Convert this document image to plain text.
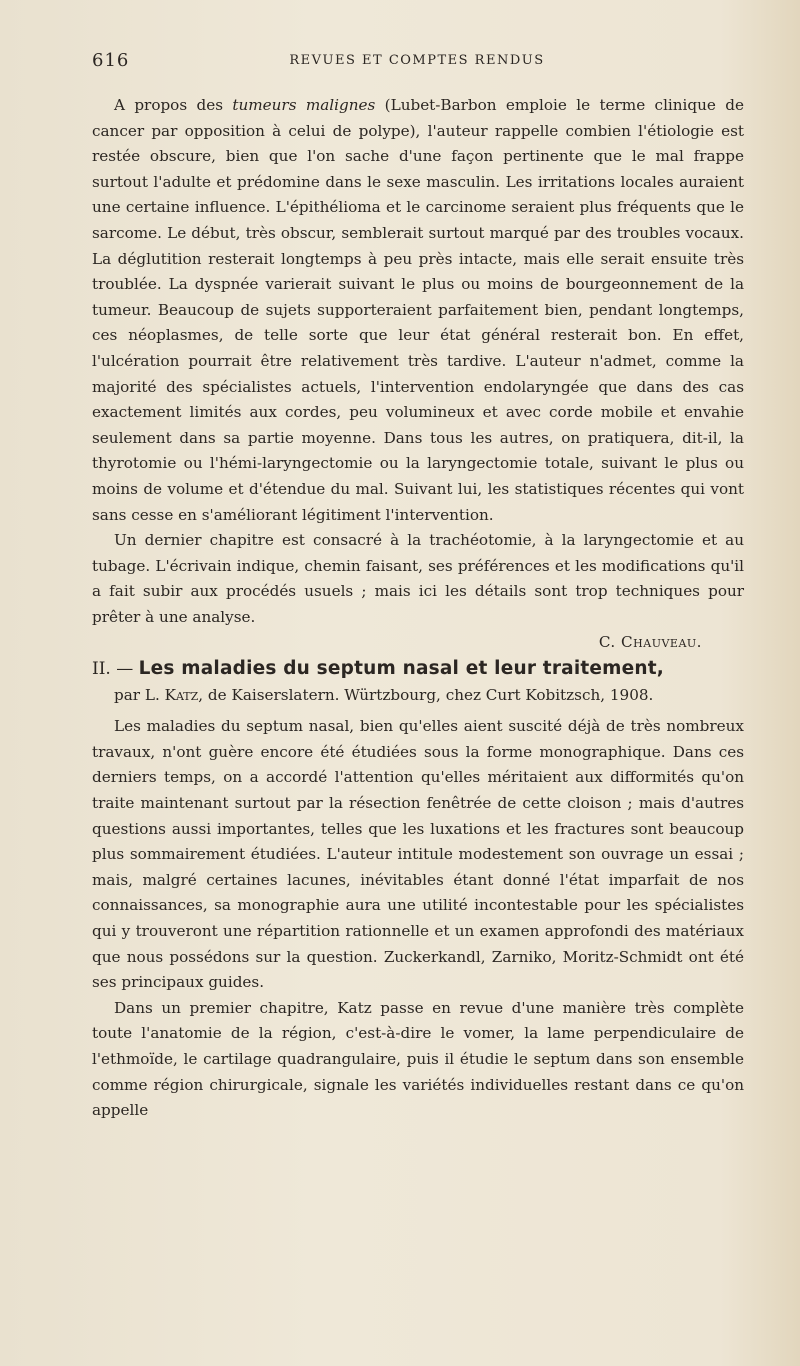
616	REVUES ET COMPTES RENDUS

A propos des tumeurs malignes (Lubet-Barbon emploie le terme clinique de cancer par opposition à celui de polype), l'auteur rappelle combien l'étiologie est restée obscure, bien que l'on sache d'une façon pertinente que le mal frappe surtout l'adulte et prédomine dans le sexe masculin. Les irritations locales auraient une certaine influence. L'épithélioma et le carcinome seraient plus fréquents que le sarcome. Le début, très obscur, semblerait surtout marqué par des troubles vocaux. La déglutition resterait longtemps à peu près intacte, mais elle serait ensuite très troublée. La dyspnée varierait suivant le plus ou moins de bourgeonnement de la tumeur. Beaucoup de sujets supporteraient parfaitement bien, pendant longtemps, ces néoplasmes, de telle sorte que leur état général resterait bon. En effet, l'ulcération pourrait être relativement très tardive. L'auteur n'admet, comme la majorité des spécialistes actuels, l'intervention endolaryngée que dans des cas exactement limités aux cordes, peu volumineux et avec corde mobile et envahie seulement dans sa partie moyenne. Dans tous les autres, on pratiquera, dit-il, la thyrotomie ou l'hémi-laryngectomie ou la laryngectomie totale, suivant le plus ou moins de volume et d'étendue du mal. Suivant lui, les statistiques récentes qui vont sans cesse en s'améliorant légitiment l'intervention.

Un dernier chapitre est consacré à la trachéotomie, à la laryngectomie et au tubage. L'écrivain indique, chemin faisant, ses préférences et les modifications qu'il a fait subir aux procédés usuels ; mais ici les détails sont trop techniques pour prêter à une analyse.

C. Chauveau.

II. — Les maladies du septum nasal et leur traitement,

par L. Katz, de Kaiserslatern. Würtzbourg, chez Curt Kobitzsch, 1908.

Les maladies du septum nasal, bien qu'elles aient suscité déjà de très nombreux travaux, n'ont guère encore été étudiées sous la forme monographique. Dans ces derniers temps, on a accordé l'attention qu'elles méritaient aux difformités qu'on traite maintenant surtout par la résection fenêtrée de cette cloison ; mais d'autres questions aussi importantes, telles que les luxations et les fractures sont beaucoup plus sommairement étudiées. L'auteur intitule modestement son ouvrage un essai ; mais, malgré certaines lacunes, inévitables étant donné l'état imparfait de nos connaissances, sa monographie aura une utilité incontestable pour les spécialistes qui y trouveront une répartition rationnelle et un examen approfondi des matériaux que nous possédons sur la question. Zuckerkandl, Zarniko, Moritz-Schmidt ont été ses principaux guides.

Dans un premier chapitre, Katz passe en revue d'une manière très complète toute l'anatomie de la région, c'est-à-dire le vomer, la lame perpendiculaire de l'ethmoïde, le cartilage quadrangulaire, puis il étudie le septum dans son ensemble comme région chirurgicale, signale les variétés individuelles restant dans ce qu'on appelle
